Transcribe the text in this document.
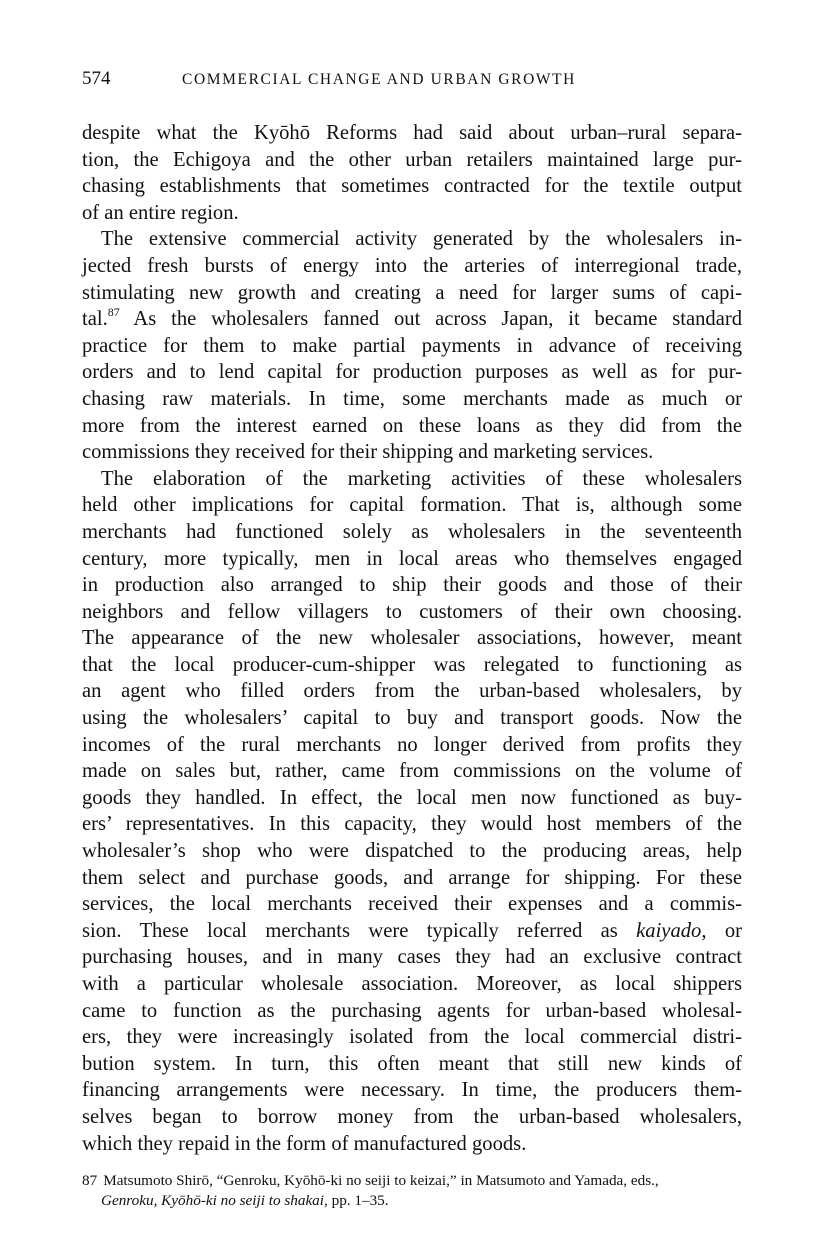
574	COMMERCIAL CHANGE AND URBAN GROWTH

despite what the Kyōhō Reforms had said about urban–rural separa-
tion, the Echigoya and the other urban retailers maintained large pur-
chasing establishments that sometimes contracted for the textile output
of an entire region.

The extensive commercial activity generated by the wholesalers in-
jected fresh bursts of energy into the arteries of interregional trade,
stimulating new growth and creating a need for larger sums of capi-
tal.$^{87}$ As the wholesalers fanned out across Japan, it became standard
practice for them to make partial payments in advance of receiving
orders and to lend capital for production purposes as well as for pur-
chasing raw materials. In time, some merchants made as much or
more from the interest earned on these loans as they did from the
commissions they received for their shipping and marketing services.

The elaboration of the marketing activities of these wholesalers
held other implications for capital formation. That is, although some
merchants had functioned solely as wholesalers in the seventeenth
century, more typically, men in local areas who themselves engaged
in production also arranged to ship their goods and those of their
neighbors and fellow villagers to customers of their own choosing.
The appearance of the new wholesaler associations, however, meant
that the local producer-cum-shipper was relegated to functioning as
an agent who filled orders from the urban-based wholesalers, by
using the wholesalers’ capital to buy and transport goods. Now the
incomes of the rural merchants no longer derived from profits they
made on sales but, rather, came from commissions on the volume of
goods they handled. In effect, the local men now functioned as buy-
ers’ representatives. In this capacity, they would host members of the
wholesaler’s shop who were dispatched to the producing areas, help
them select and purchase goods, and arrange for shipping. For these
services, the local merchants received their expenses and a commis-
sion. These local merchants were typically referred as kaiyado, or
purchasing houses, and in many cases they had an exclusive contract
with a particular wholesale association. Moreover, as local shippers
came to function as the purchasing agents for urban-based wholesal-
ers, they were increasingly isolated from the local commercial distri-
bution system. In turn, this often meant that still new kinds of
financing arrangements were necessary. In time, the producers them-
selves began to borrow money from the urban-based wholesalers,
which they repaid in the form of manufactured goods.

87 Matsumoto Shirō, “Genroku, Kyōhō-ki no seiji to keizai,” in Matsumoto and Yamada, eds.,
Genroku, Kyōhō-ki no seiji to shakai, pp. 1–35.
